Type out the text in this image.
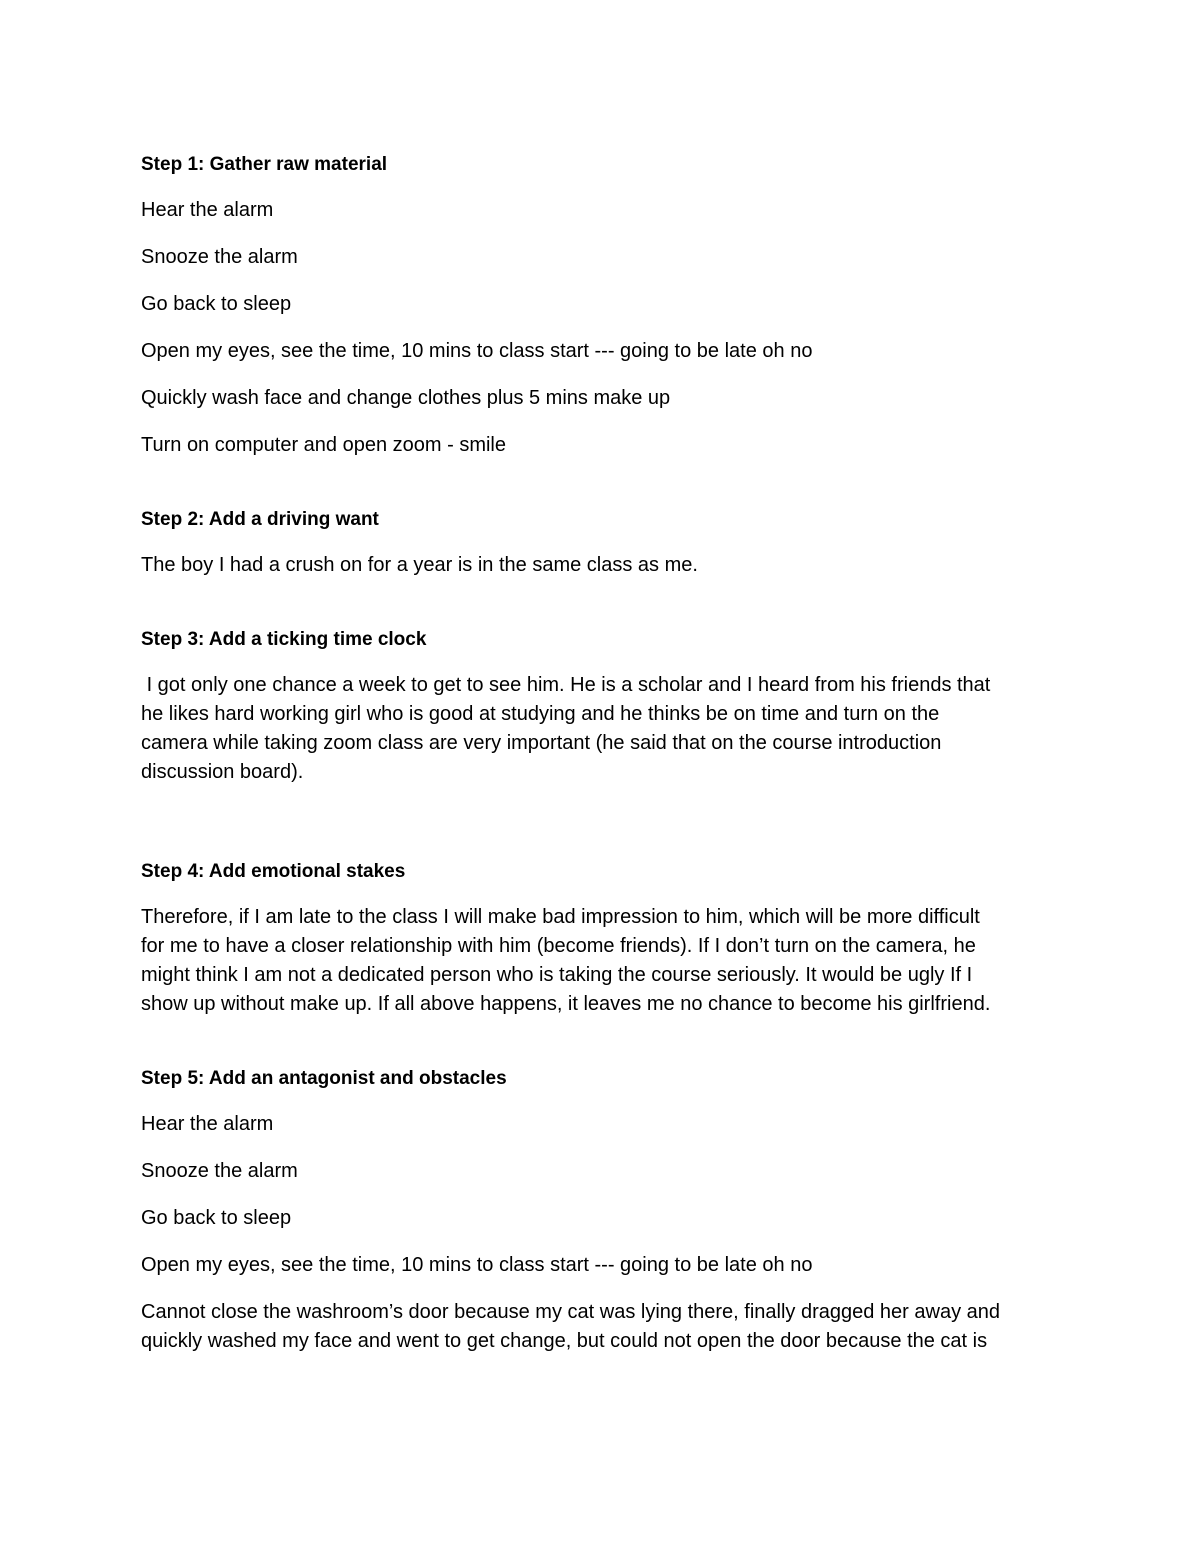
Step 1: Gather raw material

Hear the alarm

Snooze the alarm

Go back to sleep

Open my eyes, see the time, 10 mins to class start --- going to be late oh no

Quickly wash face and change clothes plus 5 mins make up

Turn on computer and open zoom - smile

Step 2: Add a driving want

The boy I had a crush on for a year is in the same class as me.

Step 3: Add a ticking time clock

I got only one chance a week to get to see him. He is a scholar and I heard from his friends that
he likes hard working girl who is good at studying and he thinks be on time and turn on the
camera while taking zoom class are very important (he said that on the course introduction
discussion board).

Step 4: Add emotional stakes

Therefore, if I am late to the class I will make bad impression to him, which will be more difficult
for me to have a closer relationship with him (become friends). If I don’t turn on the camera, he
might think I am not a dedicated person who is taking the course seriously. It would be ugly If I
show up without make up. If all above happens, it leaves me no chance to become his girlfriend.

Step 5: Add an antagonist and obstacles

Hear the alarm

Snooze the alarm

Go back to sleep

Open my eyes, see the time, 10 mins to class start --- going to be late oh no

Cannot close the washroom’s door because my cat was lying there, finally dragged her away and
quickly washed my face and went to get change, but could not open the door because the cat is
